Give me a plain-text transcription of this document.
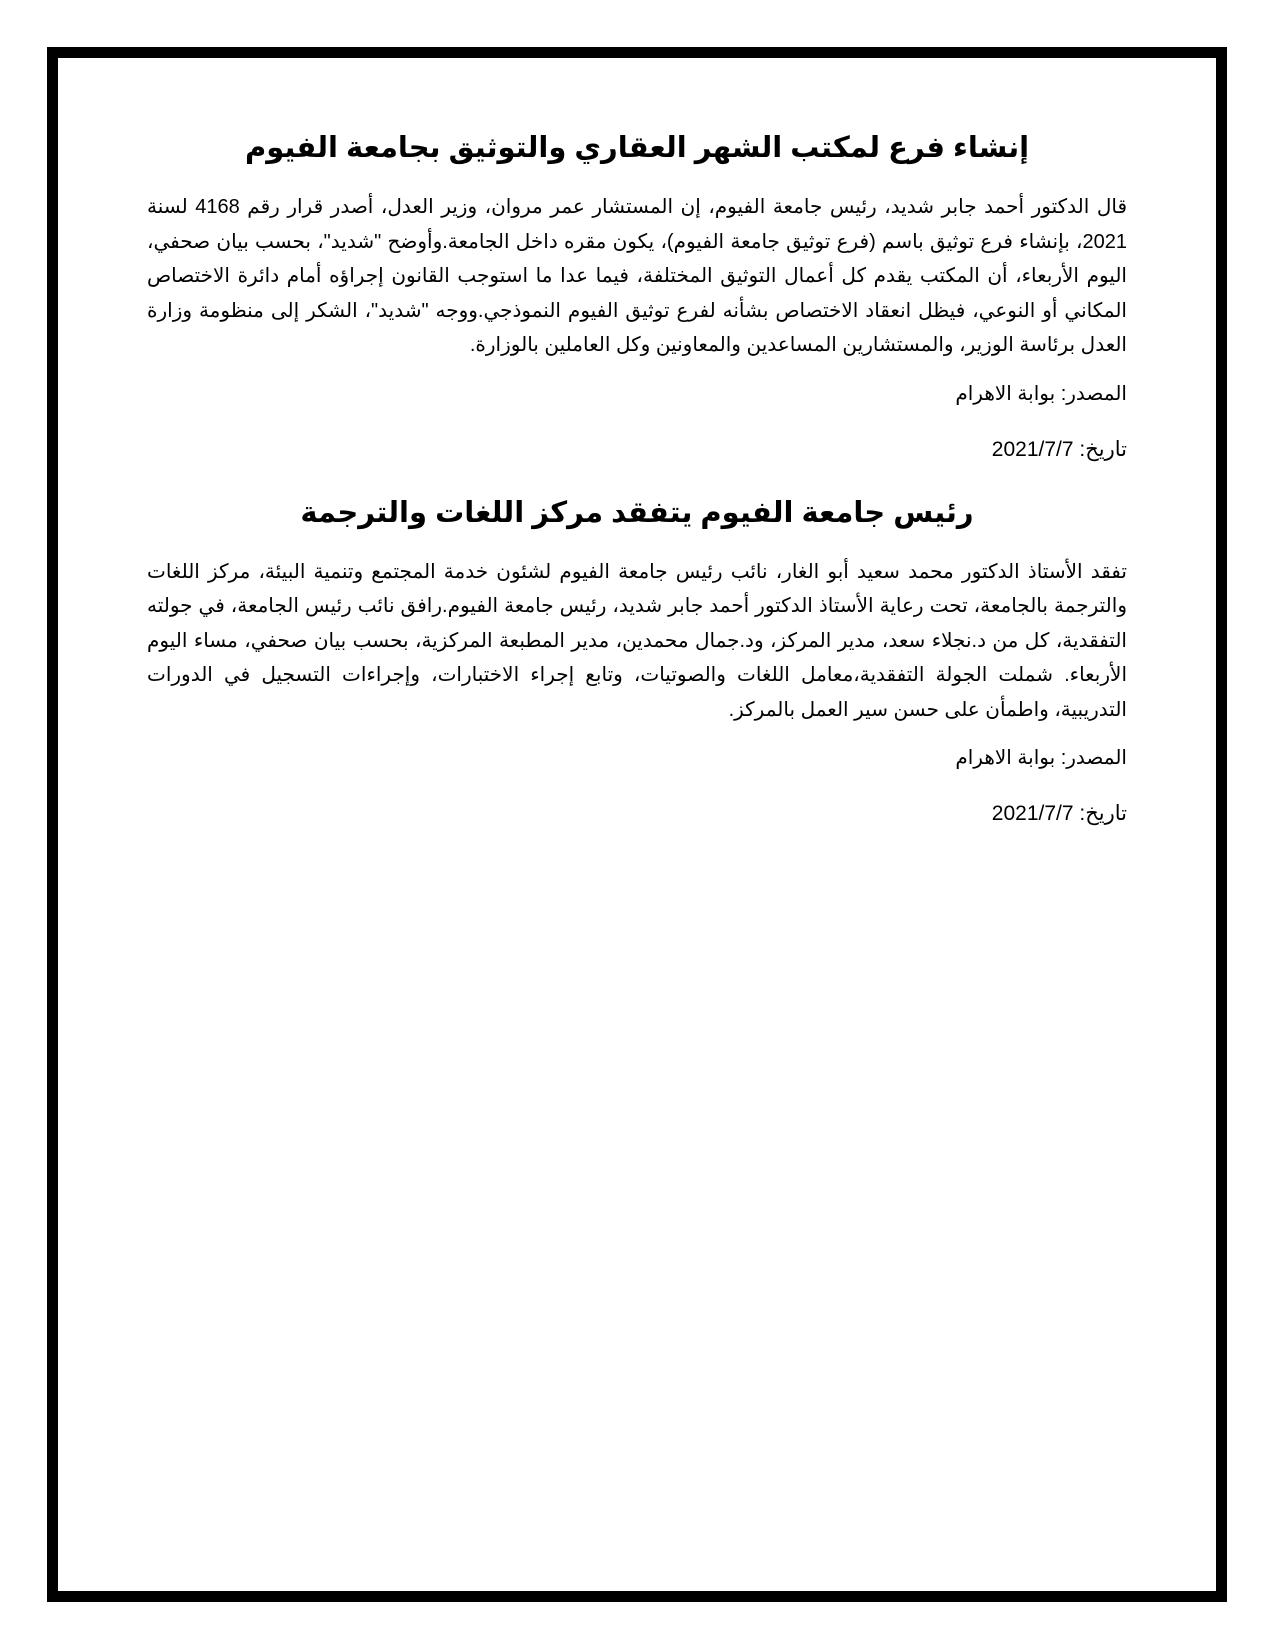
إنشاء فرع لمكتب الشهر العقاري والتوثيق بجامعة الفيوم

قال الدكتور أحمد جابر شديد، رئيس جامعة الفيوم، إن المستشار عمر مروان، وزير العدل، أصدر قرار رقم 4168 لسنة 2021، بإنشاء فرع توثيق باسم (فرع توثيق جامعة الفيوم)، يكون مقره داخل الجامعة.وأوضح "شديد"، بحسب بيان صحفي، اليوم الأربعاء، أن المكتب يقدم كل أعمال التوثيق المختلفة، فيما عدا ما استوجب القانون إجراؤه أمام دائرة الاختصاص المكاني أو النوعي، فيظل انعقاد الاختصاص بشأنه لفرع توثيق الفيوم النموذجي.ووجه "شديد"، الشكر إلى منظومة وزارة العدل برئاسة الوزير، والمستشارين المساعدين والمعاونين وكل العاملين بالوزارة.

المصدر: بوابة الاهرام

تاريخ: 2021/7/7

رئيس جامعة الفيوم يتفقد مركز اللغات والترجمة

تفقد الأستاذ الدكتور محمد سعيد أبو الغار، نائب رئيس جامعة الفيوم لشئون خدمة المجتمع وتنمية البيئة، مركز اللغات والترجمة بالجامعة، تحت رعاية الأستاذ الدكتور أحمد جابر شديد، رئيس جامعة الفيوم.رافق نائب رئيس الجامعة، في جولته التفقدية، كل من د.نجلاء سعد، مدير المركز، ود.جمال محمدين، مدير المطبعة المركزية، بحسب بيان صحفي، مساء اليوم الأربعاء. شملت الجولة التفقدية،معامل اللغات والصوتيات، وتابع إجراء الاختبارات، وإجراءات التسجيل في الدورات التدريبية، واطمأن على حسن سير العمل بالمركز.

المصدر: بوابة الاهرام

تاريخ: 2021/7/7
